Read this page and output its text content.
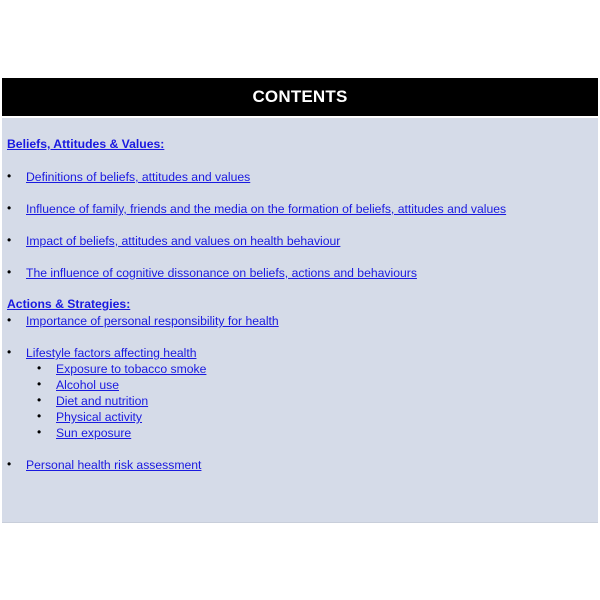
CONTENTS
Beliefs, Attitudes & Values:
• Definitions of beliefs, attitudes and values
• Influence of family, friends and the media on the formation of beliefs, attitudes and values
• Impact of beliefs, attitudes and values on health behaviour
• The influence of cognitive dissonance on beliefs, actions and behaviours
Actions & Strategies:
• Importance of personal responsibility for health
• Lifestyle factors affecting health
• Exposure to tobacco smoke
• Alcohol use
• Diet and nutrition
• Physical activity
• Sun exposure
• Personal health risk assessment
